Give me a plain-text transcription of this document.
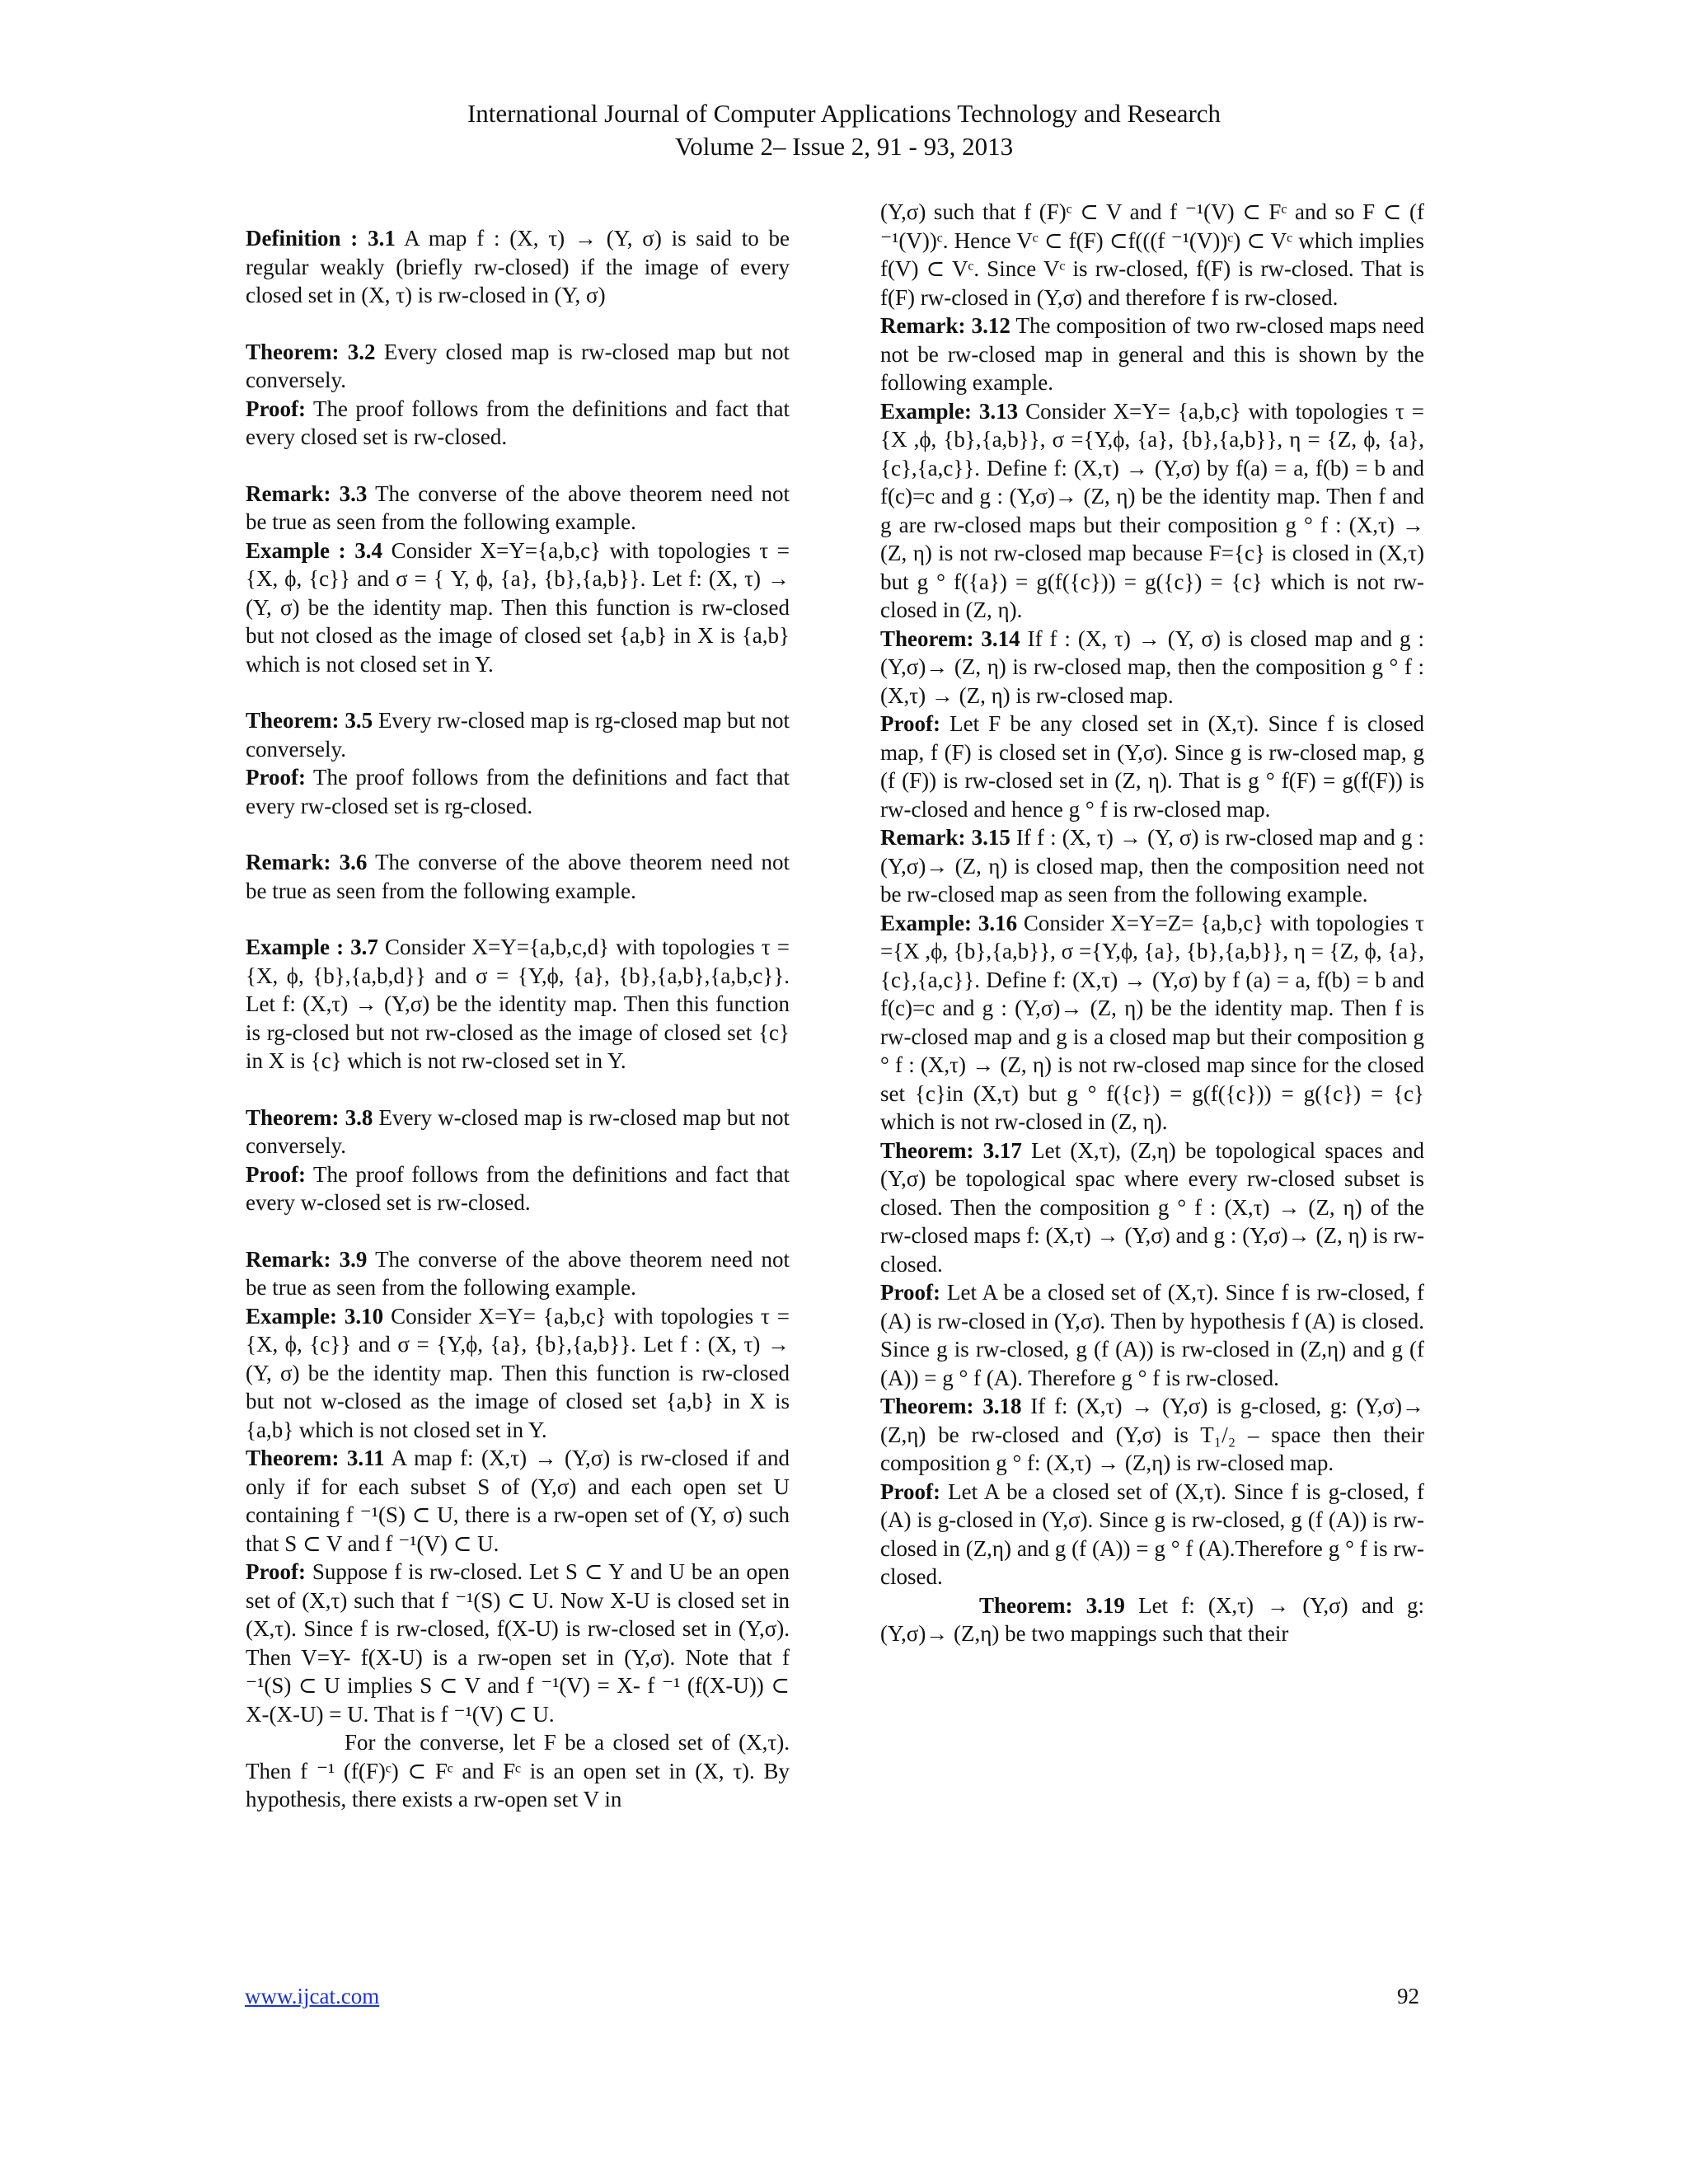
International Journal of Computer Applications Technology and Research
Volume 2– Issue 2, 91 - 93, 2013

Definition : 3.1 A map f : (X, τ) → (Y, σ) is said to be regular weakly (briefly rw-closed) if the image of every closed set in (X, τ) is rw-closed in (Y, σ)

Theorem: 3.2 Every closed map is rw-closed map but not conversely.

Proof: The proof follows from the definitions and fact that every closed set is rw-closed.

Remark: 3.3 The converse of the above theorem need not be true as seen from the following example.

Example : 3.4 Consider X=Y={a,b,c} with topologies τ = {X, ϕ, {c}} and σ = { Y, ϕ, {a}, {b},{a,b}}. Let f: (X, τ) → (Y, σ) be the identity map. Then this function is rw-closed but not closed as the image of closed set {a,b} in X is {a,b} which is not closed set in Y.

Theorem: 3.5 Every rw-closed map is rg-closed map but not conversely.

Proof: The proof follows from the definitions and fact that every rw-closed set is rg-closed.

Remark: 3.6 The converse of the above theorem need not be true as seen from the following example.

Example : 3.7 Consider X=Y={a,b,c,d} with topologies τ = {X, ϕ, {b},{a,b,d}} and σ = {Y,ϕ, {a}, {b},{a,b},{a,b,c}}. Let f: (X,τ) → (Y,σ) be the identity map. Then this function is rg-closed but not rw-closed as the image of closed set {c} in X is {c} which is not rw-closed set in Y.

Theorem: 3.8 Every w-closed map is rw-closed map but not conversely.

Proof: The proof follows from the definitions and fact that every w-closed set is rw-closed.

Remark: 3.9 The converse of the above theorem need not be true as seen from the following example.

Example: 3.10 Consider X=Y= {a,b,c} with topologies τ = {X, ϕ, {c}} and σ = {Y,ϕ, {a}, {b},{a,b}}. Let f : (X, τ) → (Y, σ) be the identity map. Then this function is rw-closed but not w-closed as the image of closed set {a,b} in X is {a,b} which is not closed set in Y.

Theorem: 3.11 A map f: (X,τ) → (Y,σ) is rw-closed if and only if for each subset S of (Y,σ) and each open set U containing f ⁻¹(S) ⊂ U, there is a rw-open set of (Y, σ) such that S ⊂ V and f ⁻¹(V) ⊂ U.

Proof: Suppose f is rw-closed. Let S ⊂ Y and U be an open set of (X,τ) such that f ⁻¹(S) ⊂ U. Now X-U is closed set in (X,τ). Since f is rw-closed, f(X-U) is rw-closed set in (Y,σ). Then V=Y- f(X-U) is a rw-open set in (Y,σ). Note that f ⁻¹(S) ⊂ U implies S ⊂ V and f ⁻¹(V) = X- f ⁻¹ (f(X-U)) ⊂ X-(X-U) = U. That is f ⁻¹(V) ⊂ U.

For the converse, let F be a closed set of (X,τ). Then f ⁻¹ (f(F)ᶜ) ⊂ Fᶜ and Fᶜ is an open set in (X, τ). By hypothesis, there exists a rw-open set V in

(Y,σ) such that f (F)ᶜ ⊂ V and f ⁻¹(V) ⊂ Fᶜ and so F ⊂ (f ⁻¹(V))ᶜ. Hence Vᶜ ⊂ f(F) ⊂f(((f ⁻¹(V))ᶜ) ⊂ Vᶜ which implies f(V) ⊂ Vᶜ. Since Vᶜ is rw-closed, f(F) is rw-closed. That is f(F) rw-closed in (Y,σ) and therefore f is rw-closed.

Remark: 3.12 The composition of two rw-closed maps need not be rw-closed map in general and this is shown by the following example.

Example: 3.13 Consider X=Y= {a,b,c} with topologies τ ={X ,ϕ, {b},{a,b}}, σ ={Y,ϕ, {a}, {b},{a,b}}, η = {Z, ϕ, {a}, {c},{a,c}}. Define f: (X,τ) → (Y,σ) by f(a) = a, f(b) = b and f(c)=c and g : (Y,σ)→ (Z, η) be the identity map. Then f and g are rw-closed maps but their composition g ° f : (X,τ) → (Z, η) is not rw-closed map because F={c} is closed in (X,τ) but g ° f({a}) = g(f({c})) = g({c}) = {c} which is not rw-closed in (Z, η).

Theorem: 3.14 If f : (X, τ) → (Y, σ) is closed map and g : (Y,σ)→ (Z, η) is rw-closed map, then the composition g ° f : (X,τ) → (Z, η) is rw-closed map.

Proof: Let F be any closed set in (X,τ). Since f is closed map, f (F) is closed set in (Y,σ). Since g is rw-closed map, g (f (F)) is rw-closed set in (Z, η). That is g ° f(F) = g(f(F)) is rw-closed and hence g ° f is rw-closed map.

Remark: 3.15 If f : (X, τ) → (Y, σ) is rw-closed map and g : (Y,σ)→ (Z, η) is closed map, then the composition need not be rw-closed map as seen from the following example.

Example: 3.16 Consider X=Y=Z= {a,b,c} with topologies τ ={X ,ϕ, {b},{a,b}}, σ ={Y,ϕ, {a}, {b},{a,b}}, η = {Z, ϕ, {a}, {c},{a,c}}. Define f: (X,τ) → (Y,σ) by f (a) = a, f(b) = b and f(c)=c and g : (Y,σ)→ (Z, η) be the identity map. Then f is rw-closed map and g is a closed map but their composition g ° f : (X,τ) → (Z, η) is not rw-closed map since for the closed set {c}in (X,τ) but g ° f({c}) = g(f({c})) = g({c}) = {c} which is not rw-closed in (Z, η).

Theorem: 3.17 Let (X,τ), (Z,η) be topological spaces and (Y,σ) be topological spac where every rw-closed subset is closed. Then the composition g ° f : (X,τ) → (Z, η) of the rw-closed maps f: (X,τ) → (Y,σ) and g : (Y,σ)→ (Z, η) is rw-closed.

Proof: Let A be a closed set of (X,τ). Since f is rw-closed, f (A) is rw-closed in (Y,σ). Then by hypothesis f (A) is closed. Since g is rw-closed, g (f (A)) is rw-closed in (Z,η) and g (f (A)) = g ° f (A). Therefore g ° f is rw-closed.

Theorem: 3.18 If f: (X,τ) → (Y,σ) is g-closed, g: (Y,σ)→ (Z,η) be rw-closed and (Y,σ) is T₁/₂ – space then their composition g ° f: (X,τ) → (Z,η) is rw-closed map.

Proof: Let A be a closed set of (X,τ). Since f is g-closed, f (A) is g-closed in (Y,σ). Since g is rw-closed, g (f (A)) is rw-closed in (Z,η) and g (f (A)) = g ° f (A).Therefore g ° f is rw-closed.

Theorem: 3.19 Let f: (X,τ) → (Y,σ) and g: (Y,σ)→ (Z,η) be two mappings such that their

www.ijcat.com	92
